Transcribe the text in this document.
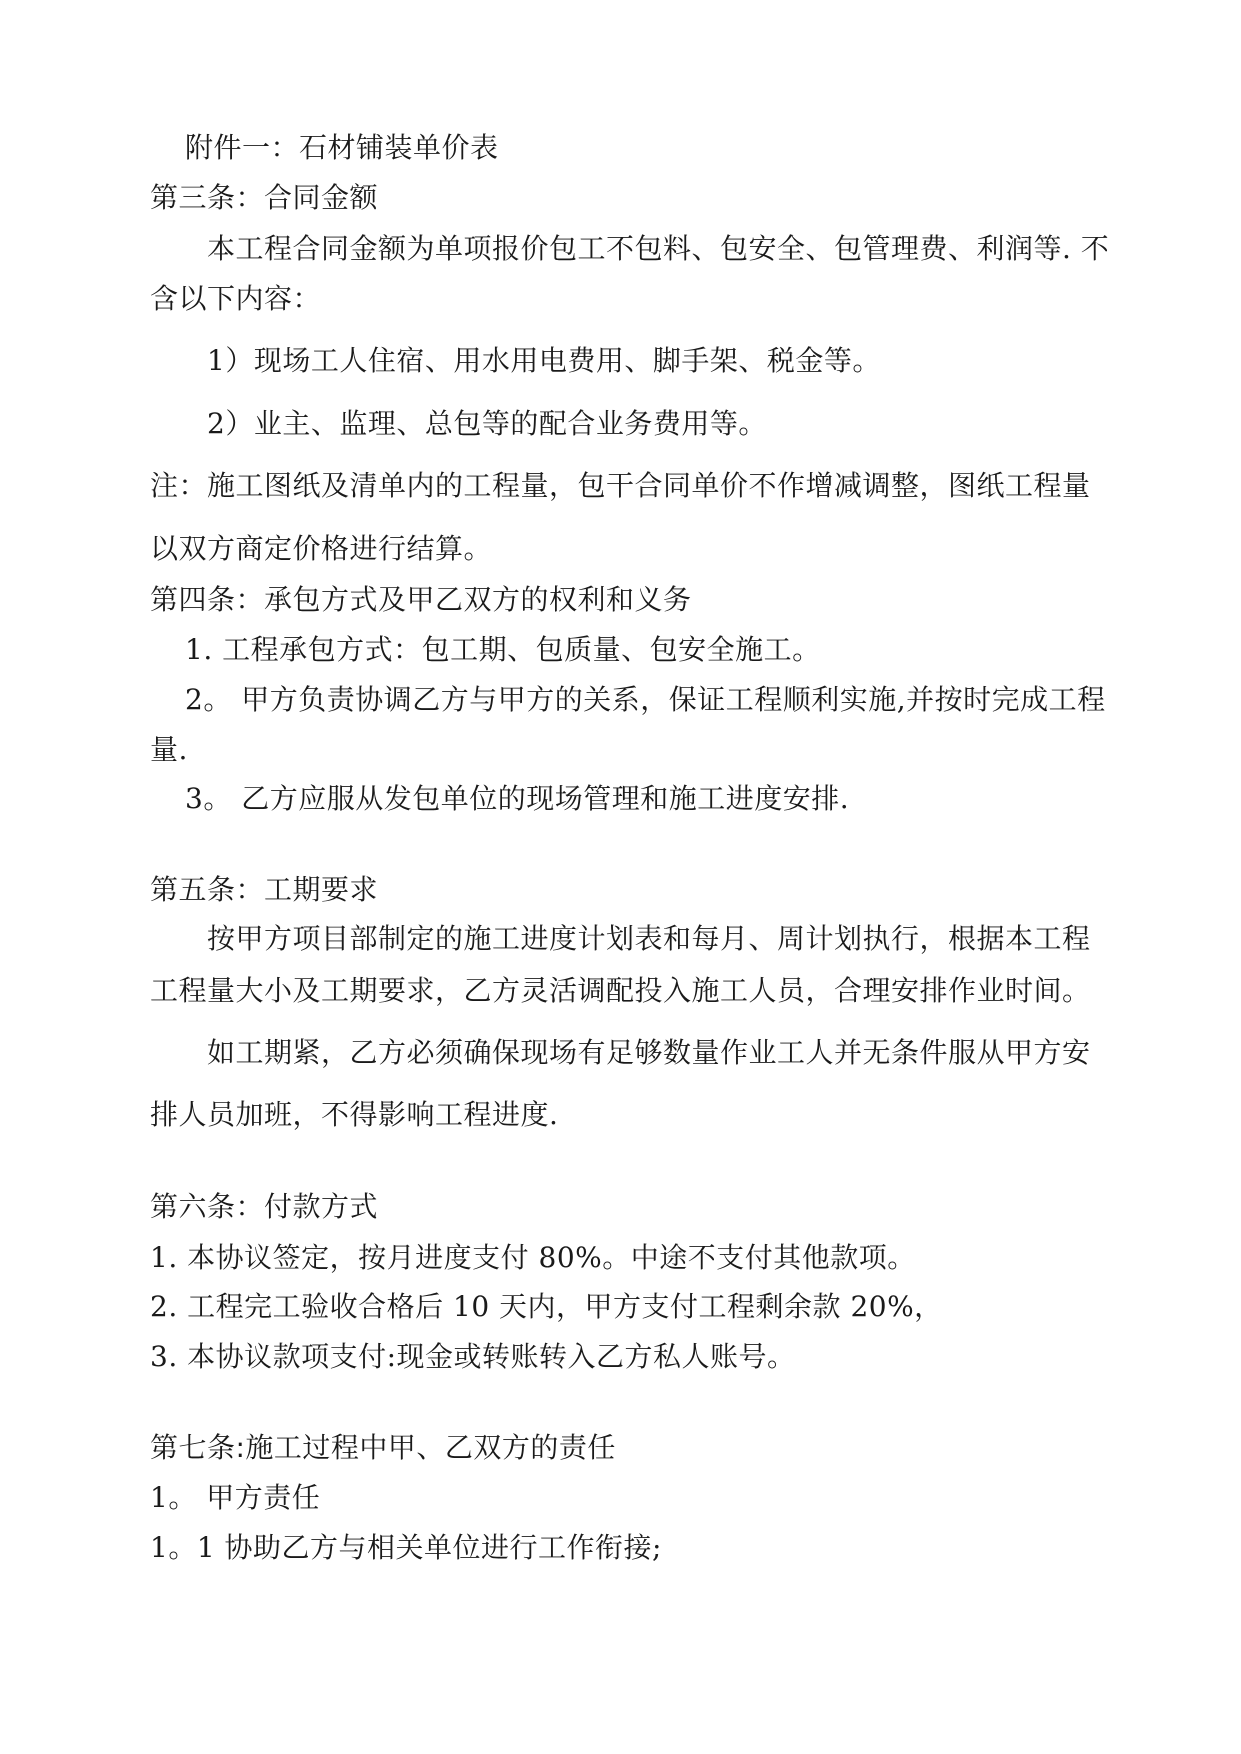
附件一：石材铺装单价表
第三条：合同金额
本工程合同金额为单项报价包工不包料、包安全、包管理费、利润等. 不
含以下内容：
1）现场工人住宿、用水用电费用、脚手架、税金等。
2）业主、监理、总包等的配合业务费用等。
注：施工图纸及清单内的工程量，包干合同单价不作增减调整，图纸工程量
以双方商定价格进行结算。
第四条：承包方式及甲乙双方的权利和义务
1. 工程承包方式：包工期、包质量、包安全施工。
2。 甲方负责协调乙方与甲方的关系，保证工程顺利实施,并按时完成工程
量.
3。 乙方应服从发包单位的现场管理和施工进度安排.
第五条：工期要求
按甲方项目部制定的施工进度计划表和每月、周计划执行，根据本工程
工程量大小及工期要求，乙方灵活调配投入施工人员，合理安排作业时间。
如工期紧，乙方必须确保现场有足够数量作业工人并无条件服从甲方安
排人员加班，不得影响工程进度.
第六条：付款方式
1. 本协议签定，按月进度支付 80%。中途不支付其他款项。
2. 工程完工验收合格后 10 天内，甲方支付工程剩余款 20%，
3. 本协议款项支付:现金或转账转入乙方私人账号。
第七条:施工过程中甲、乙双方的责任
1。 甲方责任
1。1 协助乙方与相关单位进行工作衔接;
